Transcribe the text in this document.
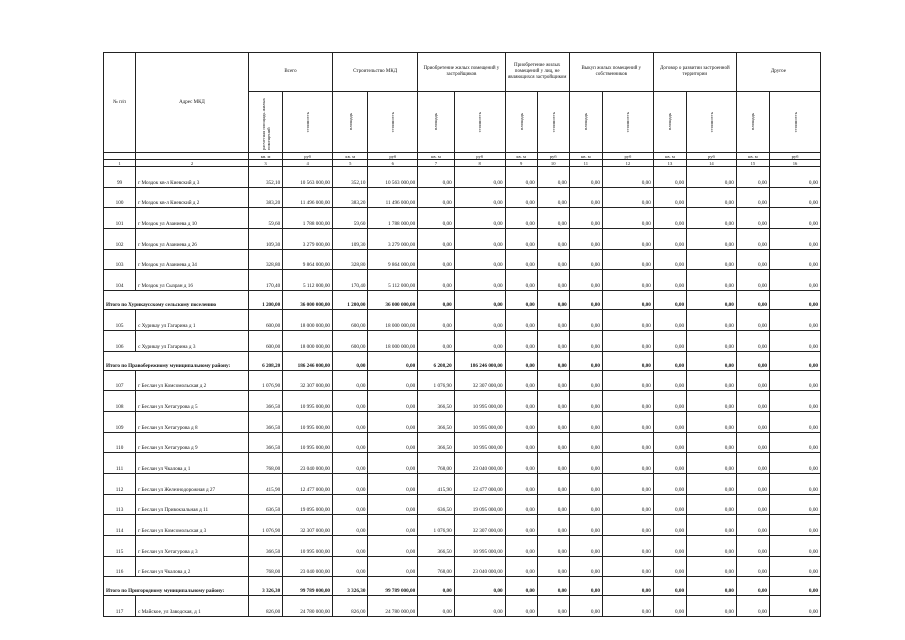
№ п/п	Адрес МКД	Всего		Строительство МКД		Приобретение жилых помещений у застройщиков		Приобретение жилых помещений у лиц, не являющихся застройщиком		Выкуп жилых помещений у собственников		Договор о развитии застроенной территории		Другое	

		расчетная площадь жилых помещений	стоимость	площадь	стоимость	площадь	стоимость	площадь	стоимость	площадь	стоимость	площадь	стоимость	площадь	стоимость

		кв. м	руб	кв. м	руб	кв. м	руб	кв. м	руб	кв. м	руб	кв. м	руб	кв. м	руб
1	2	3	4	5	6	7	8	9	10	11	12	13	14	15	16
99	г Моздок кв-л Киевский д 3	352,10	10 563 000,00	352,10	10 563 000,00	0,00	0,00	0,00	0,00	0,00	0,00	0,00	0,00	0,00	0,00
100	г Моздок кв-л Киевский д 2	383,20	11 496 000,00	383,20	11 496 000,00	0,00	0,00	0,00	0,00	0,00	0,00	0,00	0,00	0,00	0,00
101	г Моздок ул Азаниева д 10	59,60	1 788 000,00	59,60	1 788 000,00	0,00	0,00	0,00	0,00	0,00	0,00	0,00	0,00	0,00	0,00
102	г Моздок ул Азаниева д 26	109,30	3 279 000,00	109,30	3 279 000,00	0,00	0,00	0,00	0,00	0,00	0,00	0,00	0,00	0,00	0,00
103	г Моздок ул Азаниева д 34	328,80	9 864 000,00	328,80	9 864 000,00	0,00	0,00	0,00	0,00	0,00	0,00	0,00	0,00	0,00	0,00
104	г Моздок ул Сызран д 16	170,40	5 112 000,00	170,40	5 112 000,00	0,00	0,00	0,00	0,00	0,00	0,00	0,00	0,00	0,00	0,00
Итого по Хурикаусскому сельскому поселению		1 200,00	36 000 000,00	1 200,00	36 000 000,00	0,00	0,00	0,00	0,00	0,00	0,00	0,00	0,00	0,00	0,00
105	с Хурикау ул Гагарина д 1	600,00	18 000 000,00	600,00	18 000 000,00	0,00	0,00	0,00	0,00	0,00	0,00	0,00	0,00	0,00	0,00
106	с Хурикау ул Гагарина д 3	600,00	18 000 000,00	600,00	18 000 000,00	0,00	0,00	0,00	0,00	0,00	0,00	0,00	0,00	0,00	0,00
Итого по Правобережному муниципальному району:		6 208,20	186 246 000,00	0,00	0,00	6 208,20	186 246 000,00	0,00	0,00	0,00	0,00	0,00	0,00	0,00	0,00
107	г Беслан ул Комсомольская д 2	1 076,90	32 307 000,00	0,00	0,00	1 076,90	32 307 000,00	0,00	0,00	0,00	0,00	0,00	0,00	0,00	0,00
108	г Беслан ул Хетагурова д 5	366,50	10 995 000,00	0,00	0,00	366,50	10 995 000,00	0,00	0,00	0,00	0,00	0,00	0,00	0,00	0,00
109	г Беслан ул Хетагурова д 8	366,50	10 995 000,00	0,00	0,00	366,50	10 995 000,00	0,00	0,00	0,00	0,00	0,00	0,00	0,00	0,00
110	г Беслан ул Хетагурова д 9	366,50	10 995 000,00	0,00	0,00	366,50	10 995 000,00	0,00	0,00	0,00	0,00	0,00	0,00	0,00	0,00
111	г Беслан ул Чкалова д 1	768,00	23 040 000,00	0,00	0,00	768,00	23 040 000,00	0,00	0,00	0,00	0,00	0,00	0,00	0,00	0,00
112	г Беслан ул Железнодорожная д 27	415,90	12 477 000,00	0,00	0,00	415,90	12 477 000,00	0,00	0,00	0,00	0,00	0,00	0,00	0,00	0,00
113	г Беслан ул Привокзальная д 11	636,50	19 095 000,00	0,00	0,00	636,50	19 095 000,00	0,00	0,00	0,00	0,00	0,00	0,00	0,00	0,00
114	г Беслан ул Комсомольская д 3	1 076,90	32 307 000,00	0,00	0,00	1 076,90	32 307 000,00	0,00	0,00	0,00	0,00	0,00	0,00	0,00	0,00
115	г Беслан ул Хетагурова д 3	366,50	10 995 000,00	0,00	0,00	366,50	10 995 000,00	0,00	0,00	0,00	0,00	0,00	0,00	0,00	0,00
116	г Беслан ул Чкалова д 2	768,00	23 040 000,00	0,00	0,00	768,00	23 040 000,00	0,00	0,00	0,00	0,00	0,00	0,00	0,00	0,00
Итого по Пригородному муниципальному району:		3 326,30	99 789 000,00	3 326,30	99 789 000,00	0,00	0,00	0,00	0,00	0,00	0,00	0,00	0,00	0,00	0,00
117	с Майское, ул Заводская, д 1	826,00	24 780 000,00	826,00	24 780 000,00	0,00	0,00	0,00	0,00	0,00	0,00	0,00	0,00	0,00	0,00
